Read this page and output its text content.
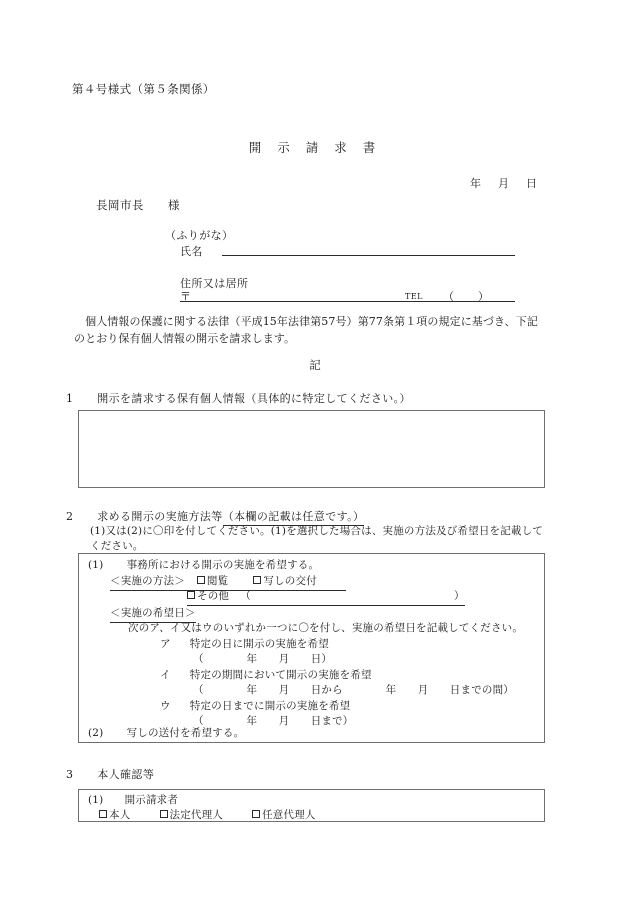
第４号様式（第５条関係）
開 示 請 求 書
年　月　日
長岡市長　　様
（ふりがな）
氏名
住所又は居所
〒	TEL （ ）
　個人情報の保護に関する法律（平成15年法律第57号）第77条第１項の規定に基づき、下記のとおり保有個人情報の開示を請求します。
記
1 開示を請求する保有個人情報（具体的に特定してください。）
2 求める開示の実施方法等（本欄の記載は任意です。）
(1)又は(2)に〇印を付してください。(1)を選択した場合は、実施の方法及び希望日を記載してください。
(1) 事務所における開示の実施を希望する。
＜実施の方法＞ 閲覧	写しの交付
その他 （	）
＜実施の希望日＞
次のア、イ又はウのいずれか一つに〇を付し、実施の希望日を記載してください。
ア 特定の日に開示の実施を希望
（　　　　年　　月　　日）
イ 特定の期間において開示の実施を希望
（　　　　年　　月　　日から　　　　年　　月　　日までの間）
ウ 特定の日までに開示の実施を希望
（　　　　年　　月　　日まで）
(2) 写しの送付を希望する。
3 本人確認等
(1) 開示請求者
本人	法定代理人	任意代理人
